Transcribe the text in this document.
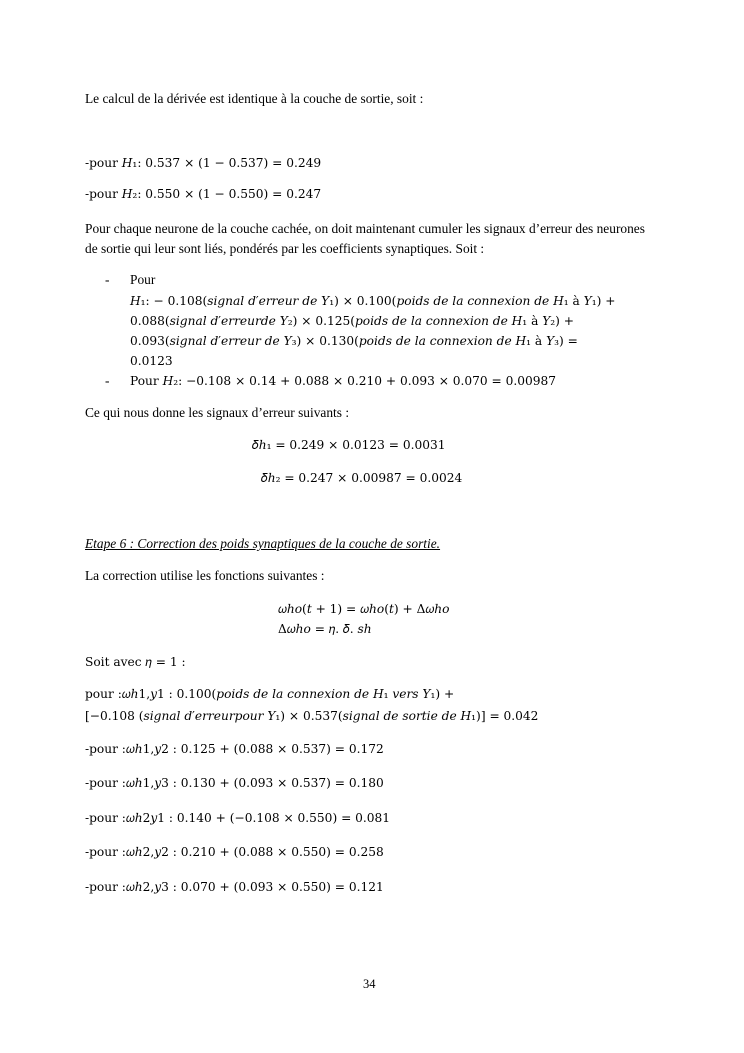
Le calcul de la dérivée est identique à la couche de sortie, soit :
-pour 𝐻₁: 0.537 × (1 − 0.537) = 0.249
-pour 𝐻₂: 0.550 × (1 − 0.550) = 0.247
Pour chaque neurone de la couche cachée, on doit maintenant cumuler les signaux d’erreur des neurones de sortie qui leur sont liés, pondérés par les coefficients synaptiques. Soit :
- Pour
𝐻₁: − 0.108(𝑠𝑖𝑔𝑛𝑎𝑙 𝑑′𝑒𝑟𝑟𝑒𝑢𝑟 𝑑𝑒 𝑌₁) × 0.100(𝑝𝑜𝑖𝑑𝑠 𝑑𝑒 𝑙𝑎 𝑐𝑜𝑛𝑛𝑒𝑥𝑖𝑜𝑛 𝑑𝑒 𝐻₁ à 𝑌₁) +
0.088(𝑠𝑖𝑔𝑛𝑎𝑙 𝑑′𝑒𝑟𝑟𝑒𝑢𝑟𝑑𝑒 𝑌₂) × 0.125(𝑝𝑜𝑖𝑑𝑠 𝑑𝑒 𝑙𝑎 𝑐𝑜𝑛𝑛𝑒𝑥𝑖𝑜𝑛 𝑑𝑒 𝐻₁ à 𝑌₂) +
0.093(𝑠𝑖𝑔𝑛𝑎𝑙 𝑑′𝑒𝑟𝑟𝑒𝑢𝑟 𝑑𝑒 𝑌₃) × 0.130(𝑝𝑜𝑖𝑑𝑠 𝑑𝑒 𝑙𝑎 𝑐𝑜𝑛𝑛𝑒𝑥𝑖𝑜𝑛 𝑑𝑒 𝐻₁ à 𝑌₃) =
0.0123
- Pour 𝐻₂: −0.108 × 0.14 + 0.088 × 0.210 + 0.093 × 0.070 = 0.00987
Ce qui nous donne les signaux d’erreur suivants :
𝛿ℎ₁ = 0.249 × 0.0123 = 0.0031
𝛿ℎ₂ = 0.247 × 0.00987 = 0.0024
Etape 6 : Correction des poids synaptiques de la couche de sortie.
La correction utilise les fonctions suivantes :
𝜔ℎ𝑜(𝑡 + 1) = 𝜔ℎ𝑜(𝑡) + Δ𝜔ℎ𝑜
Δ𝜔ℎ𝑜 = 𝜂. 𝛿. 𝑠ℎ
Soit avec 𝜂 = 1 :
pour :𝜔ℎ1,𝑦1 : 0.100(𝑝𝑜𝑖𝑑𝑠 𝑑𝑒 𝑙𝑎 𝑐𝑜𝑛𝑛𝑒𝑥𝑖𝑜𝑛 𝑑𝑒 𝐻₁ 𝑣𝑒𝑟𝑠 𝑌₁) +
[−0.108 (𝑠𝑖𝑔𝑛𝑎𝑙 𝑑′𝑒𝑟𝑟𝑒𝑢𝑟𝑝𝑜𝑢𝑟 𝑌₁) × 0.537(𝑠𝑖𝑔𝑛𝑎𝑙 𝑑𝑒 𝑠𝑜𝑟𝑡𝑖𝑒 𝑑𝑒 𝐻₁)] = 0.042
-pour :𝜔ℎ1,𝑦2 : 0.125 + (0.088 × 0.537) = 0.172
-pour :𝜔ℎ1,𝑦3 : 0.130 + (0.093 × 0.537) = 0.180
-pour :𝜔ℎ2𝑦1 : 0.140 + (−0.108 × 0.550) = 0.081
-pour :𝜔ℎ2,𝑦2 : 0.210 + (0.088 × 0.550) = 0.258
-pour :𝜔ℎ2,𝑦3 : 0.070 + (0.093 × 0.550) = 0.121
34
